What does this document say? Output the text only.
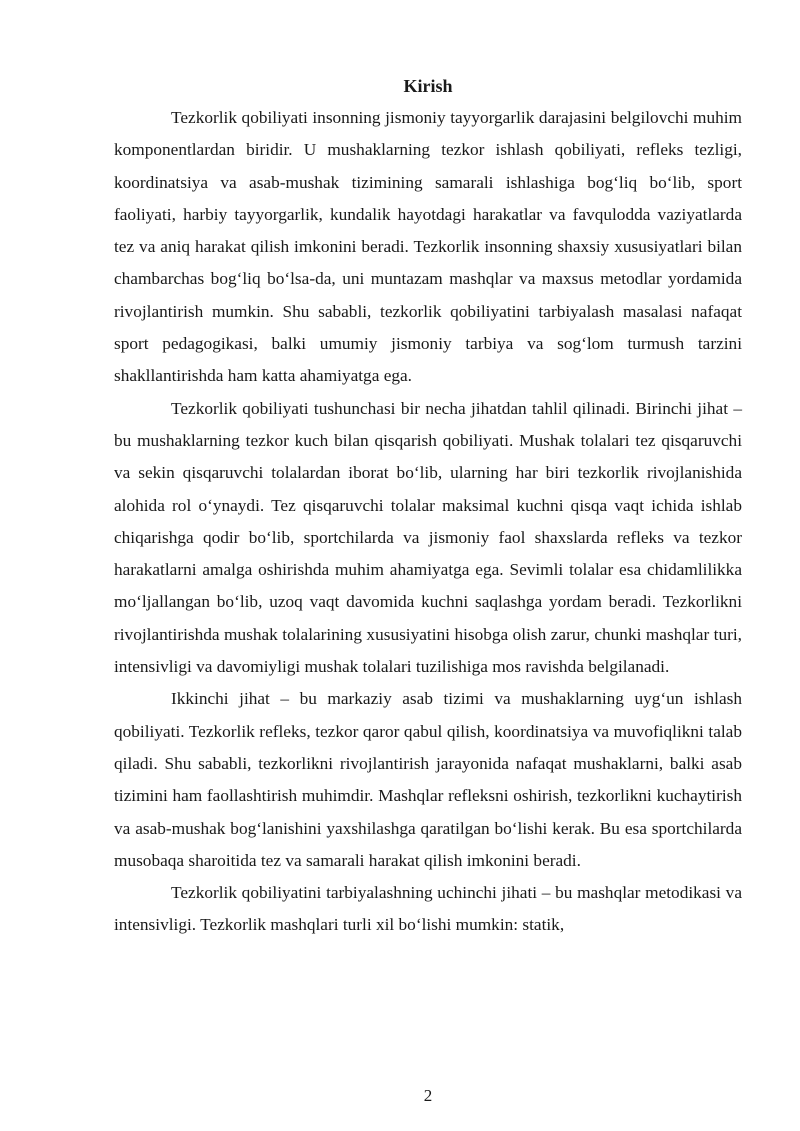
Kirish

Tezkorlik qobiliyati insonning jismoniy tayyorgarlik darajasini belgilovchi muhim komponentlardan biridir. U mushaklarning tezkor ishlash qobiliyati, refleks tezligi, koordinatsiya va asab-mushak tizimining samarali ishlashiga bog‘liq bo‘lib, sport faoliyati, harbiy tayyorgarlik, kundalik hayotdagi harakatlar va favqulodda vaziyatlarda tez va aniq harakat qilish imkonini beradi. Tezkorlik insonning shaxsiy xususiyatlari bilan chambarchas bog‘liq bo‘lsa-da, uni muntazam mashqlar va maxsus metodlar yordamida rivojlantirish mumkin. Shu sababli, tezkorlik qobiliyatini tarbiyalash masalasi nafaqat sport pedagogikasi, balki umumiy jismoniy tarbiya va sog‘lom turmush tarzini shakllantirishda ham katta ahamiyatga ega.

Tezkorlik qobiliyati tushunchasi bir necha jihatdan tahlil qilinadi. Birinchi jihat – bu mushaklarning tezkor kuch bilan qisqarish qobiliyati. Mushak tolalari tez qisqaruvchi va sekin qisqaruvchi tolalardan iborat bo‘lib, ularning har biri tezkorlik rivojlanishida alohida rol o‘ynaydi. Tez qisqaruvchi tolalar maksimal kuchni qisqa vaqt ichida ishlab chiqarishga qodir bo‘lib, sportchilarda va jismoniy faol shaxslarda refleks va tezkor harakatlarni amalga oshirishda muhim ahamiyatga ega. Sevimli tolalar esa chidamlilikka mo‘ljallangan bo‘lib, uzoq vaqt davomida kuchni saqlashga yordam beradi. Tezkorlikni rivojlantirishda mushak tolalarining xususiyatini hisobga olish zarur, chunki mashqlar turi, intensivligi va davomiyligi mushak tolalari tuzilishiga mos ravishda belgilanadi.

Ikkinchi jihat – bu markaziy asab tizimi va mushaklarning uyg‘un ishlash qobiliyati. Tezkorlik refleks, tezkor qaror qabul qilish, koordinatsiya va muvofiqlikni talab qiladi. Shu sababli, tezkorlikni rivojlantirish jarayonida nafaqat mushaklarni, balki asab tizimini ham faollashtirish muhimdir. Mashqlar refleksni oshirish, tezkorlikni kuchaytirish va asab-mushak bog‘lanishini yaxshilashga qaratilgan bo‘lishi kerak. Bu esa sportchilarda musobaqa sharoitida tez va samarali harakat qilish imkonini beradi.

Tezkorlik qobiliyatini tarbiyalashning uchinchi jihati – bu mashqlar metodikasi va intensivligi. Tezkorlik mashqlari turli xil bo‘lishi mumkin: statik,

2
